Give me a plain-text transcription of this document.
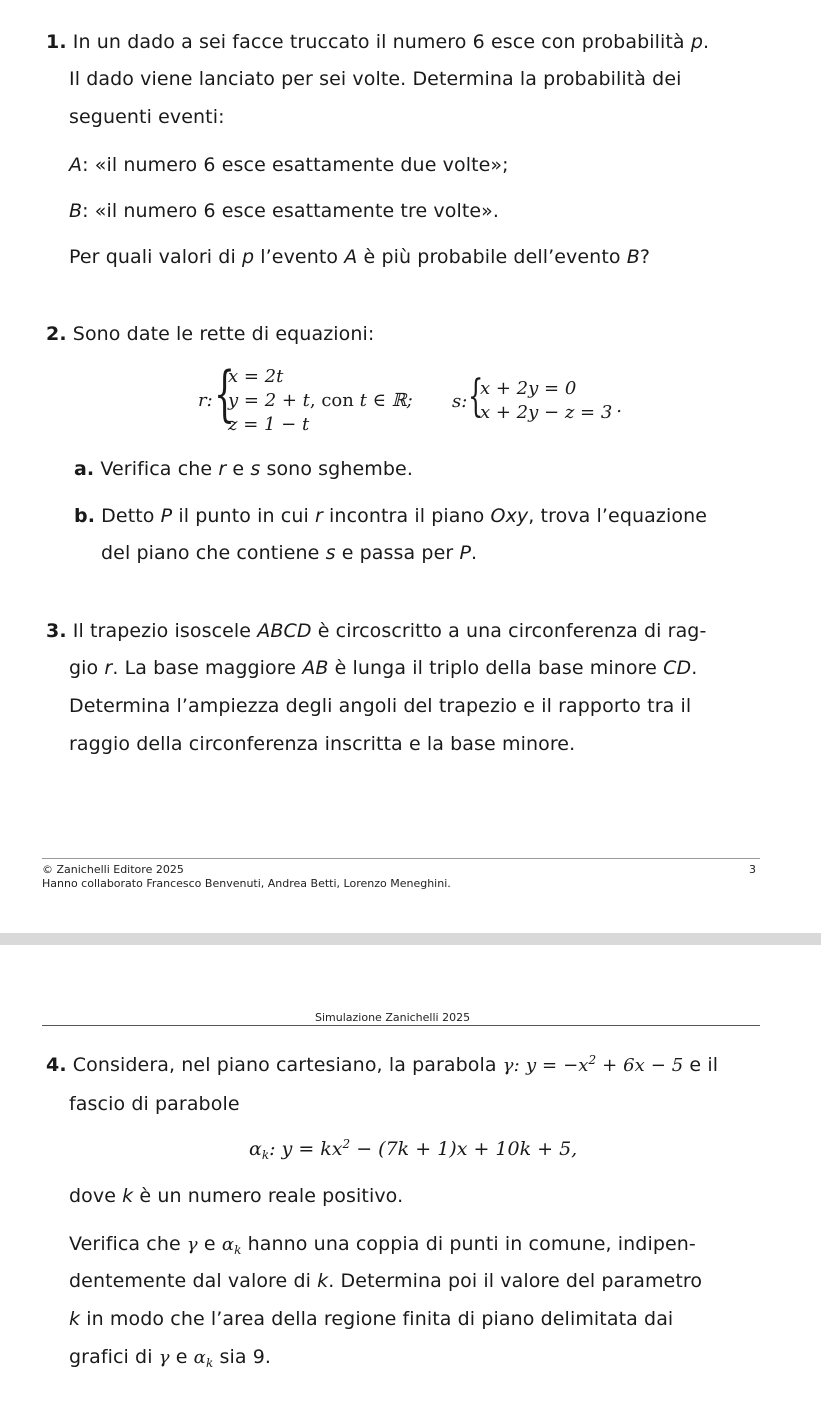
1. In un dado a sei facce truccato il numero 6 esce con probabilità p.
Il dado viene lanciato per sei volte. Determina la probabilità dei
seguenti eventi:
A: «il numero 6 esce esattamente due volte»;
B: «il numero 6 esce esattamente tre volte».
Per quali valori di p l’evento A è più probabile dell’evento B?
2. Sono date le rette di equazioni:
r: {
x = 2t
y = 2 + t, con t ∈ ℝ;
z = 1 − t
s: {
x + 2y = 0
x + 2y − z = 3 .
a. Verifica che r e s sono sghembe.
b. Detto P il punto in cui r incontra il piano Oxy, trova l’equazione
del piano che contiene s e passa per P.
3. Il trapezio isoscele ABCD è circoscritto a una circonferenza di rag-
gio r. La base maggiore AB è lunga il triplo della base minore CD.
Determina l’ampiezza degli angoli del trapezio e il rapporto tra il
raggio della circonferenza inscritta e la base minore.
© Zanichelli Editore 2025	3
Hanno collaborato Francesco Benvenuti, Andrea Betti, Lorenzo Meneghini.
Simulazione Zanichelli 2025
4. Considera, nel piano cartesiano, la parabola γ: $y = -x^2 + 6x - 5$ e il
fascio di parabole
$\alpha_k$: $y = kx^2 - (7k + 1)x + 10k + 5$,
dove k è un numero reale positivo.
Verifica che γ e $\alpha_k$ hanno una coppia di punti in comune, indipen-
dentemente dal valore di k. Determina poi il valore del parametro
k in modo che l’area della regione finita di piano delimitata dai
grafici di γ e $\alpha_k$ sia 9.
